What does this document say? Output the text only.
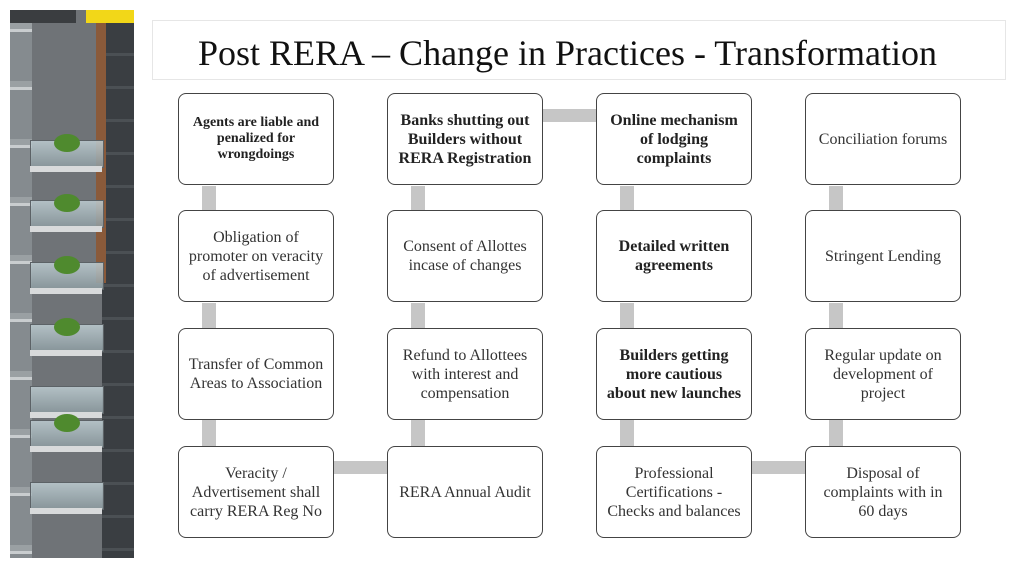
Post RERA – Change in Practices - Transformation
Agents are liable and penalized for wrongdoings
Obligation of promoter on veracity of advertisement
Transfer of Common Areas to Association
Veracity / Advertisement shall carry RERA Reg No
Banks shutting out Builders without RERA Registration
Consent of Allottes incase of changes
Refund to Allottees with interest and compensation
RERA Annual Audit
Online mechanism of lodging complaints
Detailed written agreements
Builders getting more cautious about new launches
Professional Certifications - Checks and balances
Conciliation forums
Stringent Lending
Regular update on development of project
Disposal of complaints with in 60 days
